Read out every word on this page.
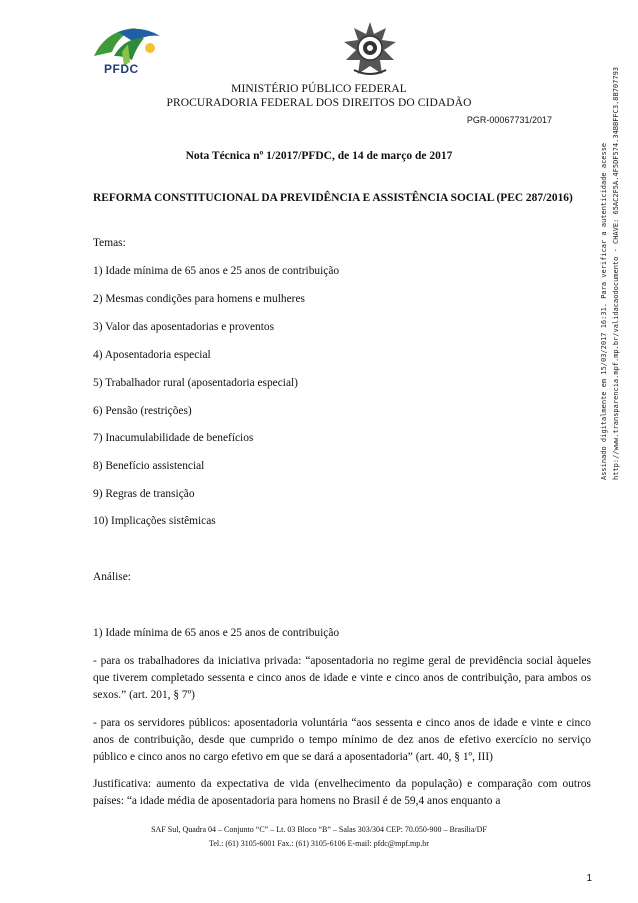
PFDC
MINISTÉRIO PÚBLICO FEDERAL
PROCURADORIA FEDERAL DOS DIREITOS DO CIDADÃO
PGR-00067731/2017
Nota Técnica nº 1/2017/PFDC, de 14 de março de 2017
REFORMA CONSTITUCIONAL DA PREVIDÊNCIA E ASSISTÊNCIA SOCIAL (PEC 287/2016)
Temas:
1) Idade mínima de 65 anos e 25 anos de contribuição
2) Mesmas condições para homens e mulheres
3) Valor das aposentadorias e proventos
4) Aposentadoria especial
5) Trabalhador rural (aposentadoria especial)
6) Pensão (restrições)
7) Inacumulabilidade de benefícios
8) Benefício assistencial
9) Regras de transição
10) Implicações sistêmicas
Análise:
1) Idade mínima de 65 anos e 25 anos de contribuição
- para os trabalhadores da iniciativa privada: “aposentadoria no regime geral de previdência social àqueles que tiverem completado sessenta e cinco anos de idade e vinte e cinco anos de contribuição, para ambos os sexos.” (art. 201, § 7º)
- para os servidores públicos: aposentadoria voluntária “aos sessenta e cinco anos de idade e vinte e cinco anos de contribuição, desde que cumprido o tempo mínimo de dez anos de efetivo exercício no serviço público e cinco anos no cargo efetivo em que se dará a aposentadoria” (art. 40, § 1º, III)
Justificativa: aumento da expectativa de vida (envelhecimento da população) e comparação com outros países: “a idade média de aposentadoria para homens no Brasil é de 59,4 anos enquanto a
SAF Sul, Quadra 04 – Conjunto “C” – Lt. 03 Bloco “B” – Salas 303/304 CEP: 70.050-900 – Brasília/DF
Tel.: (61) 3105-6001 Fax.: (61) 3105-6106 E-mail: pfdc@mpf.mp.br
1
Assinado digitalmente em 15/03/2017 16:31. Para verificar a autenticidade acesse http://www.transparencia.mpf.mp.br/validacaodocumento - CHAVE: 65AC2F5A.4F5DF574.34BBFFC3.8B707793
